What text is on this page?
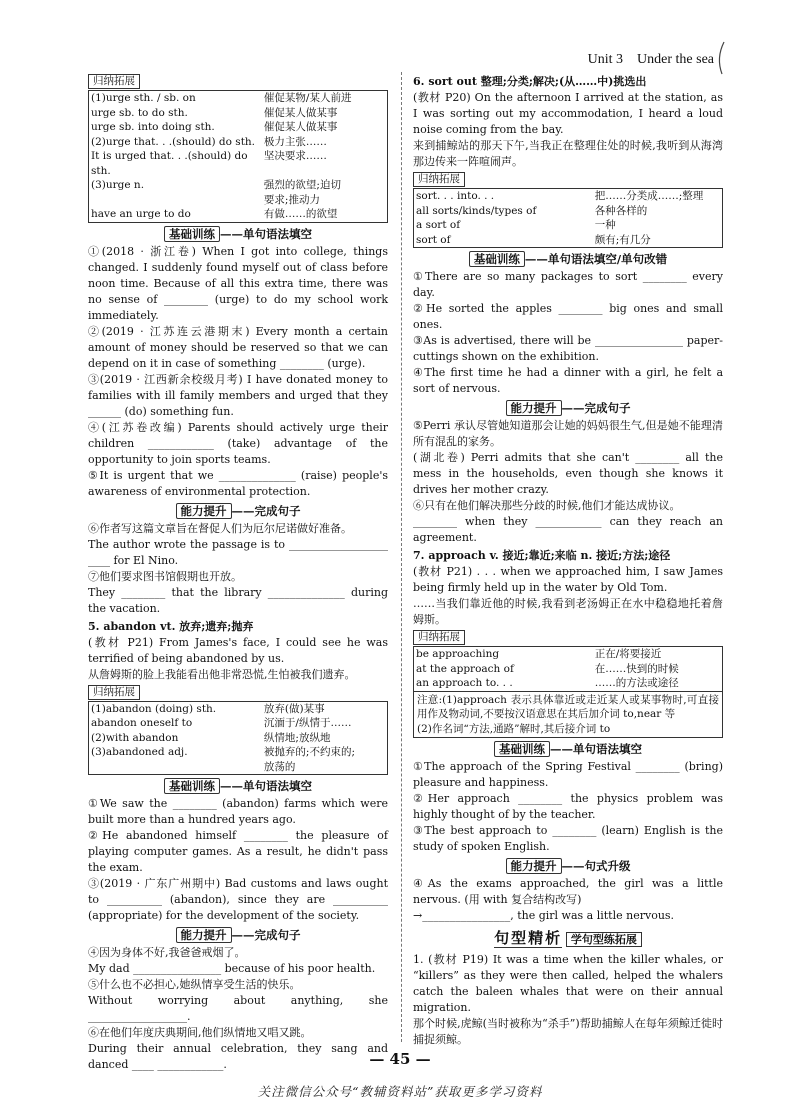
Unit 3 Under the sea
归纳拓展
(1)urge sth. / sb. on	催促某物/某人前进
urge sb. to do sth.	催促某人做某事
urge sb. into doing sth.	催促某人做某事
(2)urge that. . .(should) do sth.	极力主张……
It is urged that. . .(should) do sth.	坚决要求……
(3)urge n.	强烈的欲望;迫切
	要求;推动力
have an urge to do	有做……的欲望
基础训练 ——单句语法填空

①(2018 · 浙江卷) When I got into college, things changed. I suddenly found myself out of class before noon time. Because of all this extra time, there was no sense of ________ (urge) to do my school work immediately.

②(2019 · 江苏连云港期末) Every month a certain amount of money should be reserved so that we can depend on it in case of something ________ (urge).

③(2019 · 江西新余校级月考) I have donated money to families with ill family members and urged that they ______ (do) something fun.

④(江苏卷改编) Parents should actively urge their children ____________ (take) advantage of the opportunity to join sports teams.

⑤It is urgent that we ______________ (raise) people's awareness of environmental protection.

能力提升 ——完成句子

⑥作者写这篇文章旨在督促人们为厄尔尼诺做好准备。

The author wrote the passage is to __________________ ____ for El Nino.

⑦他们要求图书馆假期也开放。

They ________ that the library ______________ during the vacation.

5. abandon vt. 放弃;遗弃;抛弃

(教材 P21) From James's face, I could see he was terrified of being abandoned by us.

从詹姆斯的脸上我能看出他非常恐慌,生怕被我们遗弃。

归纳拓展
(1)abandon (doing) sth.	放弃(做)某事
abandon oneself to	沉湎于/纵情于……
(2)with abandon	纵情地;放纵地
(3)abandoned adj.	被抛弃的;不约束的;
	放荡的
基础训练 ——单句语法填空

①We saw the ________ (abandon) farms which were built more than a hundred years ago.

②He abandoned himself ________ the pleasure of playing computer games. As a result, he didn't pass the exam.

③(2019 · 广东广州期中) Bad customs and laws ought to __________ (abandon), since they are __________ (appropriate) for the development of the society.

能力提升 ——完成句子

④因为身体不好,我爸爸戒烟了。

My dad ________________ because of his poor health.

⑤什么也不必担心,她纵情享受生活的快乐。

Without worrying about anything, she __________________.

⑥在他们年度庆典期间,他们纵情地又唱又跳。

During their annual celebration, they sang and danced ____ ____________.

6. sort out 整理;分类;解决;(从……中)挑选出

(教材 P20) On the afternoon I arrived at the station, as I was sorting out my accommodation, I heard a loud noise coming from the bay.

来到捕鲸站的那天下午,当我正在整理住处的时候,我听到从海湾那边传来一阵喧闹声。

归纳拓展
sort. . . into. . .	把……分类成……;整理
all sorts/kinds/types of	各种各样的
a sort of	一种
sort of	颇有;有几分
基础训练 ——单句语法填空/单句改错

①There are so many packages to sort ________ every day.

②He sorted the apples ________ big ones and small ones.

③As is advertised, there will be ________________ paper-cuttings shown on the exhibition.

④The first time he had a dinner with a girl, he felt a sort of nervous.

能力提升 ——完成句子

⑤Perri 承认尽管她知道那会让她的妈妈很生气,但是她不能理清所有混乱的家务。

(湖北卷) Perri admits that she can't ________ all the mess in the households, even though she knows it drives her mother crazy.

⑥只有在他们解决那些分歧的时候,他们才能达成协议。

________ when they ____________ can they reach an agreement.

7. approach v. 接近;靠近;来临 n. 接近;方法;途径

(教材 P21) . . . when we approached him, I saw James being firmly held up in the water by Old Tom.

……当我们靠近他的时候,我看到老汤姆正在水中稳稳地托着詹姆斯。

归纳拓展
be approaching	正在/将要接近
at the approach of	在……快到的时候
an approach to. . .	……的方法或途径

注意:(1)approach 表示具体靠近或走近某人或某事物时,可直接用作及物动词,不要按汉语意思在其后加介词 to,near 等

(2)作名词“方法,通路”解时,其后接介词 to

基础训练 ——单句语法填空

①The approach of the Spring Festival ________ (bring) pleasure and happiness.

②Her approach ________ the physics problem was highly thought of by the teacher.

③The best approach to ________ (learn) English is the study of spoken English.

能力提升 ——句式升级

④As the exams approached, the girl was a little nervous. (用 with 复合结构改写)

→________________, the girl was a little nervous.

句型精析 学句型练拓展

1. (教材 P19) It was a time when the killer whales, or “killers” as they were then called, helped the whalers catch the baleen whales that were on their annual migration.

那个时候,虎鲸(当时被称为“杀手”)帮助捕鲸人在每年须鲸迁徙时捕捉须鲸。

— 45 —
关注微信公众号“教辅资料站”获取更多学习资料
